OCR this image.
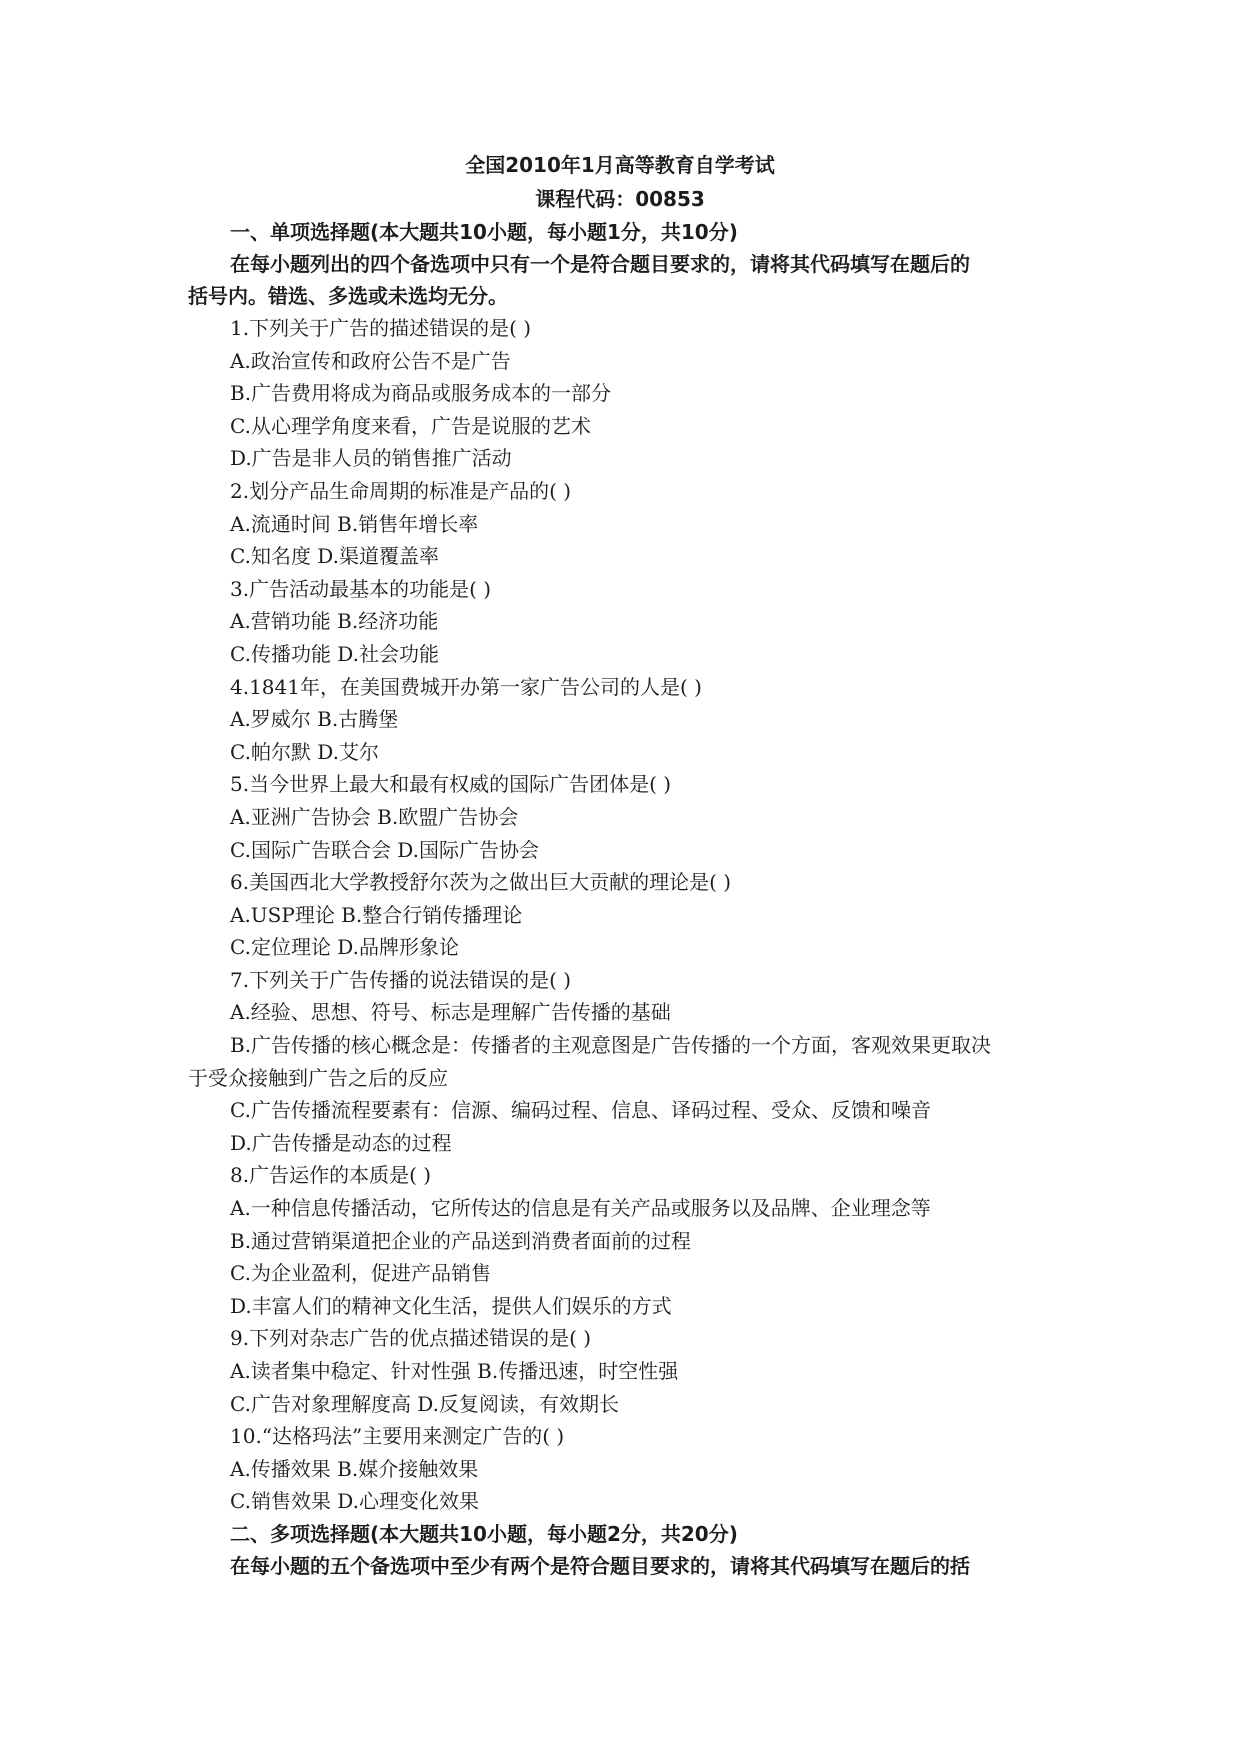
全国2010年1月高等教育自学考试
课程代码：00853
一、单项选择题(本大题共10小题，每小题1分，共10分)
在每小题列出的四个备选项中只有一个是符合题目要求的，请将其代码填写在题后的
括号内。错选、多选或未选均无分。
1.下列关于广告的描述错误的是( )
A.政治宣传和政府公告不是广告
B.广告费用将成为商品或服务成本的一部分
C.从心理学角度来看，广告是说服的艺术
D.广告是非人员的销售推广活动
2.划分产品生命周期的标准是产品的( )
A.流通时间 B.销售年增长率
C.知名度 D.渠道覆盖率
3.广告活动最基本的功能是( )
A.营销功能 B.经济功能
C.传播功能 D.社会功能
4.1841年，在美国费城开办第一家广告公司的人是( )
A.罗威尔 B.古腾堡
C.帕尔默 D.艾尔
5.当今世界上最大和最有权威的国际广告团体是( )
A.亚洲广告协会 B.欧盟广告协会
C.国际广告联合会 D.国际广告协会
6.美国西北大学教授舒尔茨为之做出巨大贡献的理论是( )
A.USP理论 B.整合行销传播理论
C.定位理论 D.品牌形象论
7.下列关于广告传播的说法错误的是( )
A.经验、思想、符号、标志是理解广告传播的基础
B.广告传播的核心概念是：传播者的主观意图是广告传播的一个方面，客观效果更取决
于受众接触到广告之后的反应
C.广告传播流程要素有：信源、编码过程、信息、译码过程、受众、反馈和噪音
D.广告传播是动态的过程
8.广告运作的本质是( )
A.一种信息传播活动，它所传达的信息是有关产品或服务以及品牌、企业理念等
B.通过营销渠道把企业的产品送到消费者面前的过程
C.为企业盈利，促进产品销售
D.丰富人们的精神文化生活，提供人们娱乐的方式
9.下列对杂志广告的优点描述错误的是( )
A.读者集中稳定、针对性强 B.传播迅速，时空性强
C.广告对象理解度高 D.反复阅读，有效期长
10.“达格玛法”主要用来测定广告的( )
A.传播效果 B.媒介接触效果
C.销售效果 D.心理变化效果
二、多项选择题(本大题共10小题，每小题2分，共20分)
在每小题的五个备选项中至少有两个是符合题目要求的，请将其代码填写在题后的括
